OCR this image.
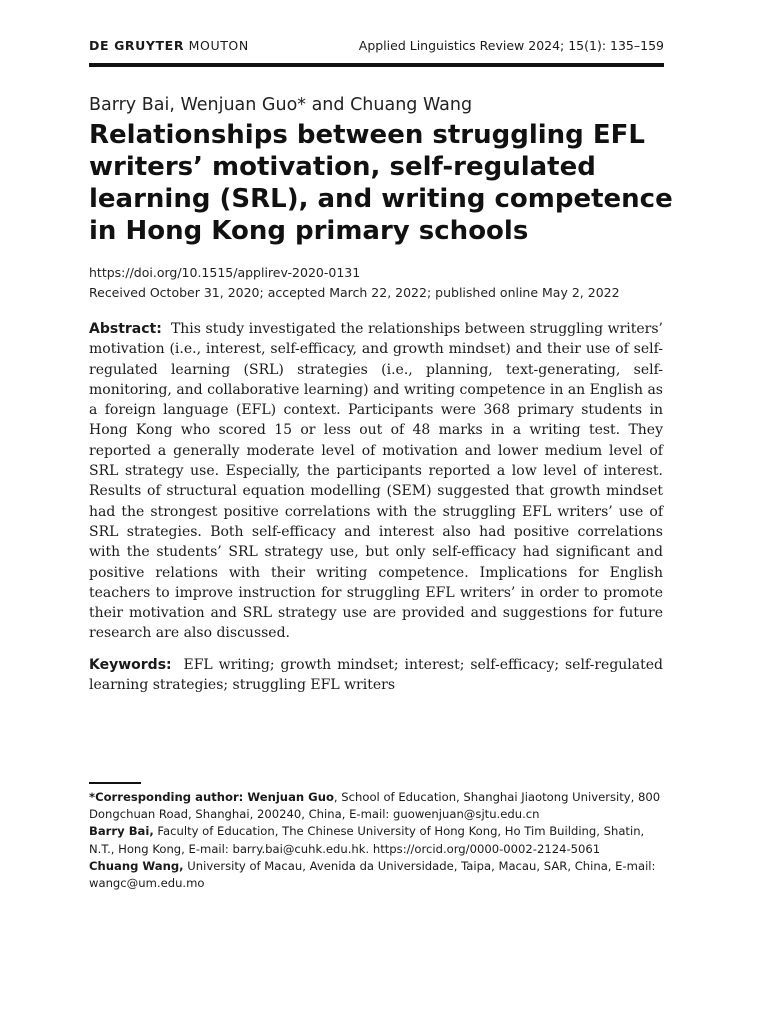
DE GRUYTER MOUTON	Applied Linguistics Review 2024; 15(1): 135–159
Barry Bai, Wenjuan Guo* and Chuang Wang
Relationships between struggling EFL writers’ motivation, self-regulated learning (SRL), and writing competence in Hong Kong primary schools
https://doi.org/10.1515/applirev-2020-0131
Received October 31, 2020; accepted March 22, 2022; published online May 2, 2022

Abstract: This study investigated the relationships between struggling writers’ motivation (i.e., interest, self-efficacy, and growth mindset) and their use of self-regulated learning (SRL) strategies (i.e., planning, text-generating, self-monitoring, and collaborative learning) and writing competence in an English as a foreign language (EFL) context. Participants were 368 primary students in Hong Kong who scored 15 or less out of 48 marks in a writing test. They reported a generally moderate level of motivation and lower medium level of SRL strategy use. Especially, the participants reported a low level of interest. Results of structural equation modelling (SEM) suggested that growth mindset had the strongest positive correlations with the struggling EFL writers’ use of SRL strategies. Both self-efficacy and interest also had positive correlations with the students’ SRL strategy use, but only self-efficacy had significant and positive relations with their writing competence. Implications for English teachers to improve instruction for struggling EFL writers’ in order to promote their motivation and SRL strategy use are provided and suggestions for future research are also discussed.

Keywords: EFL writing; growth mindset; interest; self-efficacy; self-regulated learning strategies; struggling EFL writers

*Corresponding author: Wenjuan Guo, School of Education, Shanghai Jiaotong University, 800 Dongchuan Road, Shanghai, 200240, China, E-mail: guowenjuan@sjtu.edu.cn

Barry Bai, Faculty of Education, The Chinese University of Hong Kong, Ho Tim Building, Shatin, N.T., Hong Kong, E-mail: barry.bai@cuhk.edu.hk. https://orcid.org/0000-0002-2124-5061

Chuang Wang, University of Macau, Avenida da Universidade, Taipa, Macau, SAR, China, E-mail: wangc@um.edu.mo
